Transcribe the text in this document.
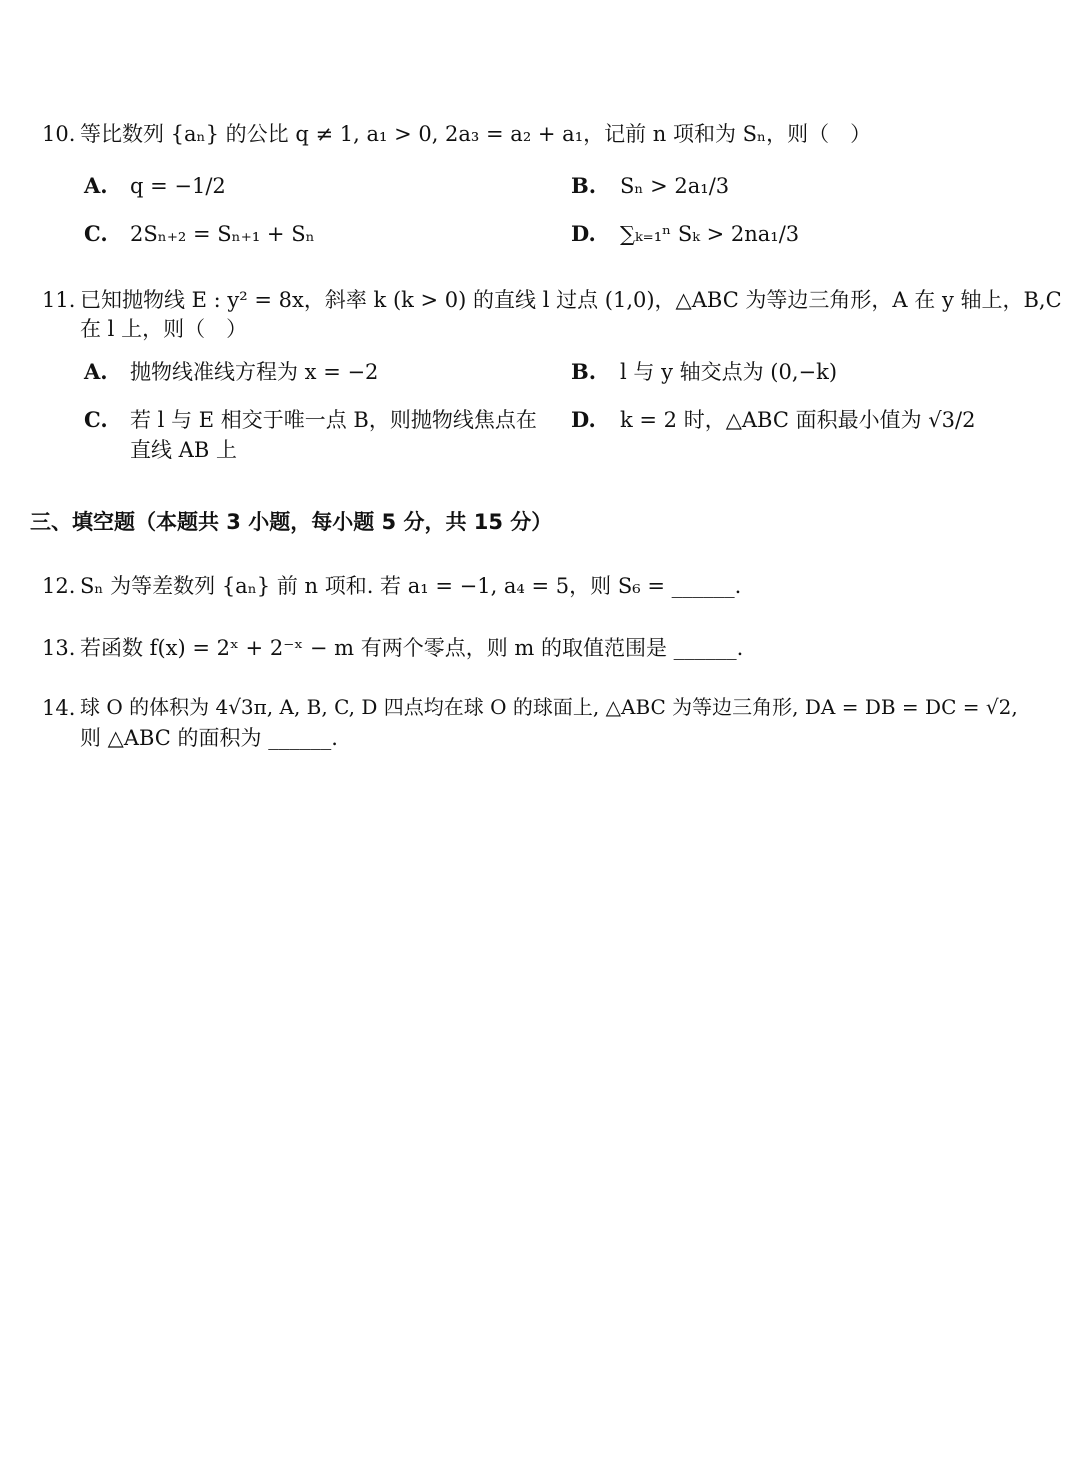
10. 等比数列 {aₙ} 的公比 q ≠ 1, a₁ > 0, 2a₃ = a₂ + a₁，记前 n 项和为 Sₙ，则（　）
A. q = −1/2	B. Sₙ > 2a₁/3
C. 2Sₙ₊₂ = Sₙ₊₁ + Sₙ	D. ∑ₖ₌₁ⁿ Sₖ > 2na₁/3
11. 已知抛物线 E : y² = 8x，斜率 k (k > 0) 的直线 l 过点 (1,0)，△ABC 为等边三角形，A 在 y 轴上，B,C
在 l 上，则（　）
A. 抛物线准线方程为 x = −2	B. l 与 y 轴交点为 (0,−k)
C. 若 l 与 E 相交于唯一点 B，则抛物线焦点在
直线 AB 上
D. k = 2 时，△ABC 面积最小值为 √3/2
三、填空题（本题共 3 小题，每小题 5 分，共 15 分）
12. Sₙ 为等差数列 {aₙ} 前 n 项和. 若 a₁ = −1, a₄ = 5，则 S₆ = ______.
13. 若函数 f(x) = 2ˣ + 2⁻ˣ − m 有两个零点，则 m 的取值范围是 ______.
14. 球 O 的体积为 4√3π, A, B, C, D 四点均在球 O 的球面上, △ABC 为等边三角形, DA = DB = DC = √2,
则 △ABC 的面积为 ______.
